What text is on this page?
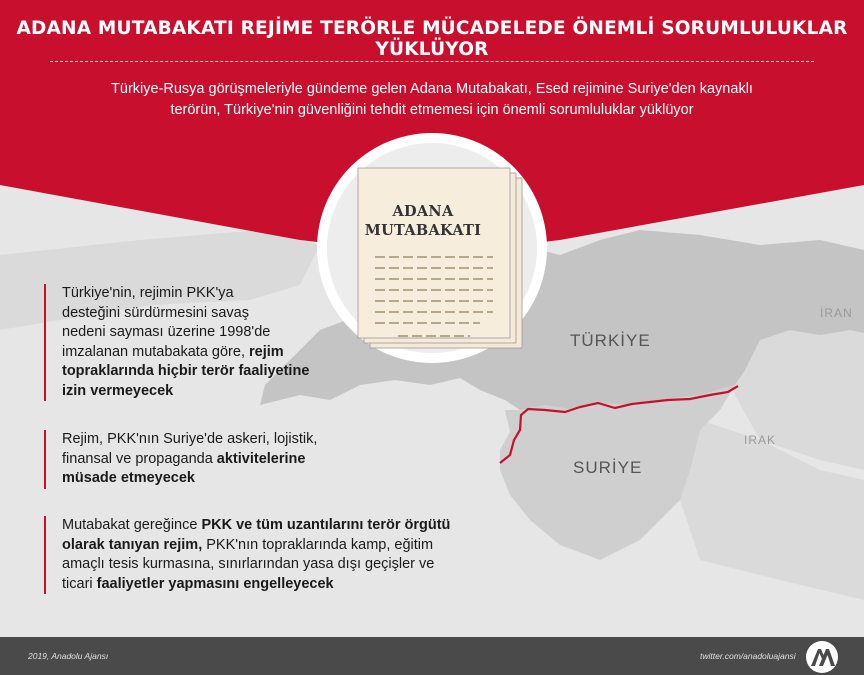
ADANA MUTABAKATI REJİME TERÖRLE MÜCADELEDE ÖNEMLİ SORUMLULUKLAR YÜKLÜYOR
Türkiye-Rusya görüşmeleriyle gündeme gelen Adana Mutabakatı, Esed rejimine Suriye'den kaynaklı
terörün, Türkiye'nin güvenliğini tehdit etmemesi için önemli sorumluluklar yüklüyor
ADANA
MUTABAKATI
TÜRKİYE
SURİYE
İRAN
IRAK
Türkiye'nin, rejimin PKK'ya
desteğini sürdürmesini savaş
nedeni sayması üzerine 1998'de
imzalanan mutabakata göre, rejim
topraklarında hiçbir terör faaliyetine
izin vermeyecek
Rejim, PKK'nın Suriye'de askeri, lojistik,
finansal ve propaganda aktivitelerine
müsade etmeyecek
Mutabakat gereğince PKK ve tüm uzantılarını terör örgütü
olarak tanıyan rejim, PKK'nın topraklarında kamp, eğitim
amaçlı tesis kurmasına, sınırlarından yasa dışı geçişler ve
ticari faaliyetler yapmasını engelleyecek
2019, Anadolu Ajansı	twitter.com/anadoluajansi
